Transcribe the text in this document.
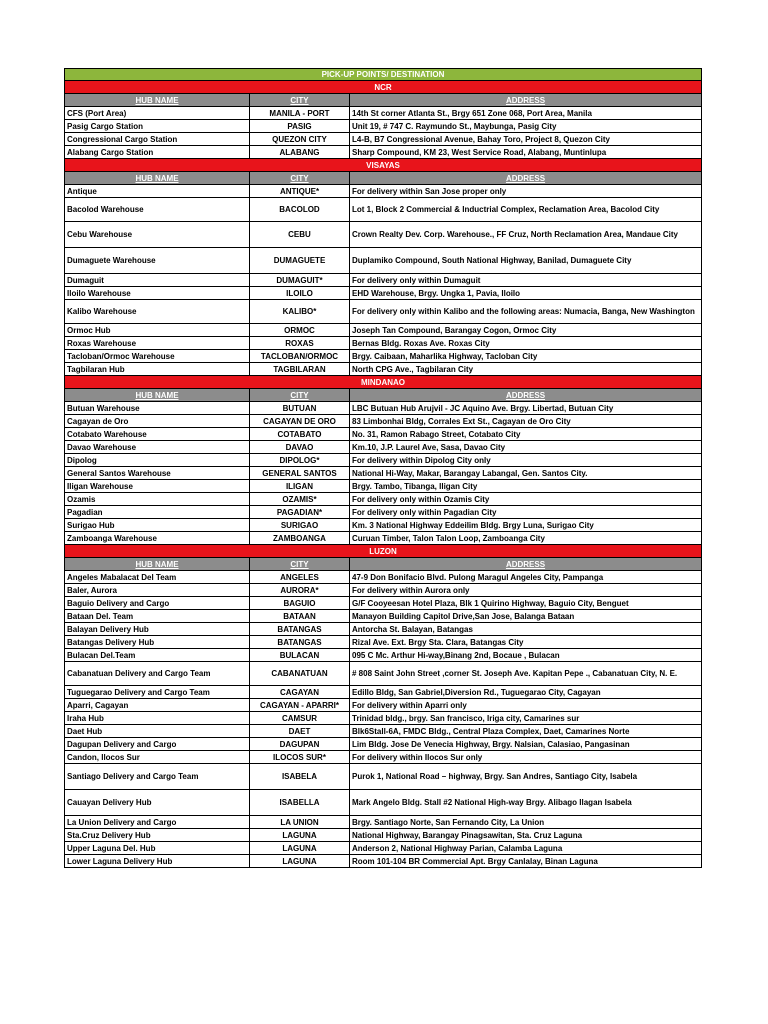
PICK-UP POINTS/ DESTINATION		
NCR		
HUB NAME	CITY	ADDRESS
CFS (Port Area)	MANILA - PORT	14th St corner Atlanta St., Brgy 651 Zone 068, Port Area, Manila
Pasig Cargo Station	PASIG	Unit 19, # 747 C. Raymundo St., Maybunga, Pasig City
Congressional Cargo Station	QUEZON CITY	L4-B, B7 Congressional Avenue, Bahay Toro, Project 8, Quezon City
Alabang Cargo Station	ALABANG	Sharp Compound, KM 23, West Service Road, Alabang, Muntinlupa
VISAYAS		
HUB NAME	CITY	ADDRESS
Antique	ANTIQUE*	For delivery within San Jose proper only
Bacolod Warehouse	BACOLOD	Lot 1, Block 2 Commercial & Inductrial Complex, Reclamation Area, Bacolod City
Cebu Warehouse	CEBU	Crown Realty Dev. Corp. Warehouse., FF Cruz, North Reclamation Area, Mandaue City
Dumaguete Warehouse	DUMAGUETE	Duplamiko Compound, South National Highway, Banilad, Dumaguete City
Dumaguit	DUMAGUIT*	For delivery only within Dumaguit
Iloilo Warehouse	ILOILO	EHD Warehouse, Brgy. Ungka 1, Pavia, Iloilo
Kalibo Warehouse	KALIBO*	For delivery only within Kalibo and the following areas: Numacia, Banga, New Washington
Ormoc Hub	ORMOC	Joseph Tan Compound, Barangay Cogon, Ormoc City
Roxas Warehouse	ROXAS	Bernas Bldg. Roxas Ave. Roxas City
Tacloban/Ormoc Warehouse	TACLOBAN/ORMOC	Brgy. Caibaan, Maharlika Highway, Tacloban City
Tagbilaran Hub	TAGBILARAN	North CPG Ave., Tagbilaran City
MINDANAO		
HUB NAME	CITY	ADDRESS
Butuan Warehouse	BUTUAN	LBC Butuan Hub Arujvil - JC Aquino Ave. Brgy. Libertad, Butuan City
Cagayan de Oro	CAGAYAN DE ORO	83 Limbonhai Bldg, Corrales Ext St., Cagayan de Oro City
Cotabato Warehouse	COTABATO	No. 31, Ramon Rabago Street, Cotabato City
Davao Warehouse	DAVAO	Km.10, J.P. Laurel Ave, Sasa, Davao City
Dipolog	DIPOLOG*	For delivery within Dipolog City only
General Santos Warehouse	GENERAL SANTOS	National Hi-Way, Makar, Barangay Labangal, Gen. Santos City.
Iligan Warehouse	ILIGAN	Brgy. Tambo, Tibanga, Iligan City
Ozamis	OZAMIS*	For delivery only within Ozamis City
Pagadian	PAGADIAN*	For delivery only within Pagadian City
Surigao Hub	SURIGAO	Km. 3 National Highway Eddeilim Bldg. Brgy Luna, Surigao City
Zamboanga Warehouse	ZAMBOANGA	Curuan Timber, Talon Talon Loop, Zamboanga City
LUZON		
HUB NAME	CITY	ADDRESS
Angeles Mabalacat Del Team	ANGELES	47-9 Don Bonifacio Blvd. Pulong Maragul Angeles City, Pampanga
Baler, Aurora	AURORA*	For delivery within Aurora only
Baguio Delivery and Cargo	BAGUIO	G/F Cooyeesan Hotel Plaza, Blk 1 Quirino Highway, Baguio City, Benguet
Bataan Del. Team	BATAAN	Manayon Building Capitol Drive,San Jose, Balanga Bataan
Balayan Delivery Hub	BATANGAS	Antorcha St. Balayan, Batangas
Batangas Delivery Hub	BATANGAS	Rizal Ave. Ext. Brgy Sta. Clara, Batangas City
Bulacan Del.Team	BULACAN	095 C Mc. Arthur Hi-way,Binang 2nd, Bocaue , Bulacan
Cabanatuan Delivery and Cargo Team	CABANATUAN	# 808 Saint John Street ,corner St. Joseph Ave. Kapitan Pepe ., Cabanatuan City, N. E.
Tuguegarao Delivery and Cargo Team	CAGAYAN	Edillo Bldg, San Gabriel,Diversion Rd., Tuguegarao City, Cagayan
Aparri, Cagayan	CAGAYAN - APARRI*	For delivery within Aparri only
Iraha Hub	CAMSUR	Trinidad bldg., brgy. San francisco, Iriga city, Camarines sur
Daet Hub	DAET	Blk6Stall-6A, FMDC Bldg., Central Plaza Complex, Daet, Camarines Norte
Dagupan Delivery and Cargo	DAGUPAN	Lim Bldg. Jose De Venecia Highway, Brgy. Nalsian, Calasiao, Pangasinan
Candon, Ilocos Sur	ILOCOS SUR*	For delivery within Ilocos Sur only
Santiago Delivery and Cargo Team	ISABELA	Purok 1, National Road – highway, Brgy. San Andres, Santiago City, Isabela
Cauayan Delivery Hub	ISABELLA	Mark Angelo Bldg. Stall #2 National High-way Brgy. Alibago Ilagan Isabela
La Union Delivery and Cargo	LA UNION	Brgy. Santiago Norte, San Fernando City, La Union
Sta.Cruz Delivery Hub	LAGUNA	National Highway, Barangay Pinagsawitan, Sta. Cruz Laguna
Upper Laguna Del. Hub	LAGUNA	Anderson 2, National Highway Parian, Calamba Laguna
Lower Laguna Delivery Hub	LAGUNA	Room 101-104 BR Commercial Apt. Brgy Canlalay, Binan Laguna
